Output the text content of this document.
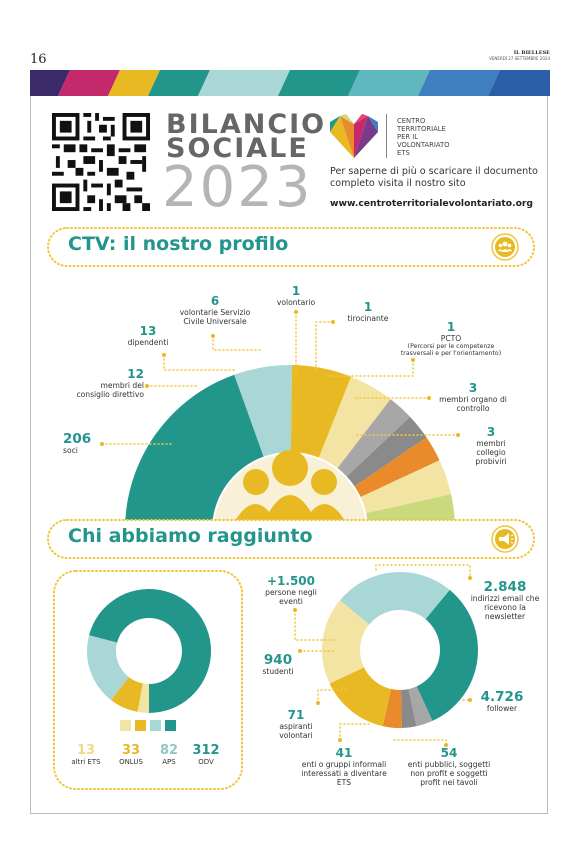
16	IL BIELLESE
VENERDÌ 27 SETTEMBRE 2024
BILANCIO
SOCIALE
2023
CENTRO
TERRITORIALE
PER IL
VOLONTARIATO
ETS
Per saperne di più o scaricare il documento completo visita il nostro sito
www.centroterritorialevolontariato.org
CTV: il nostro profilo
206
soci
12
membri del consiglio direttivo
13
dipendenti
6
volontarie Servizio Civile Universale
1
volontario	1
tirocinante
1
PCTO
(Percorsi per le competenze trasversali e per l'orientamento)
3
membri organo di controllo
3
membri collegio probiviri
Chi abbiamo raggiunto
13
altri ETS
33
ONLUS
82
APS
312
ODV
+1.500
persone negli eventi
2.848
indirizzi email che ricevono la newsletter
940
studenti
4.726
follower
71
aspiranti volontari
41
enti o gruppi informali interessati a diventare ETS
54
enti pubblici, soggetti non profit e soggetti profit nei tavoli
